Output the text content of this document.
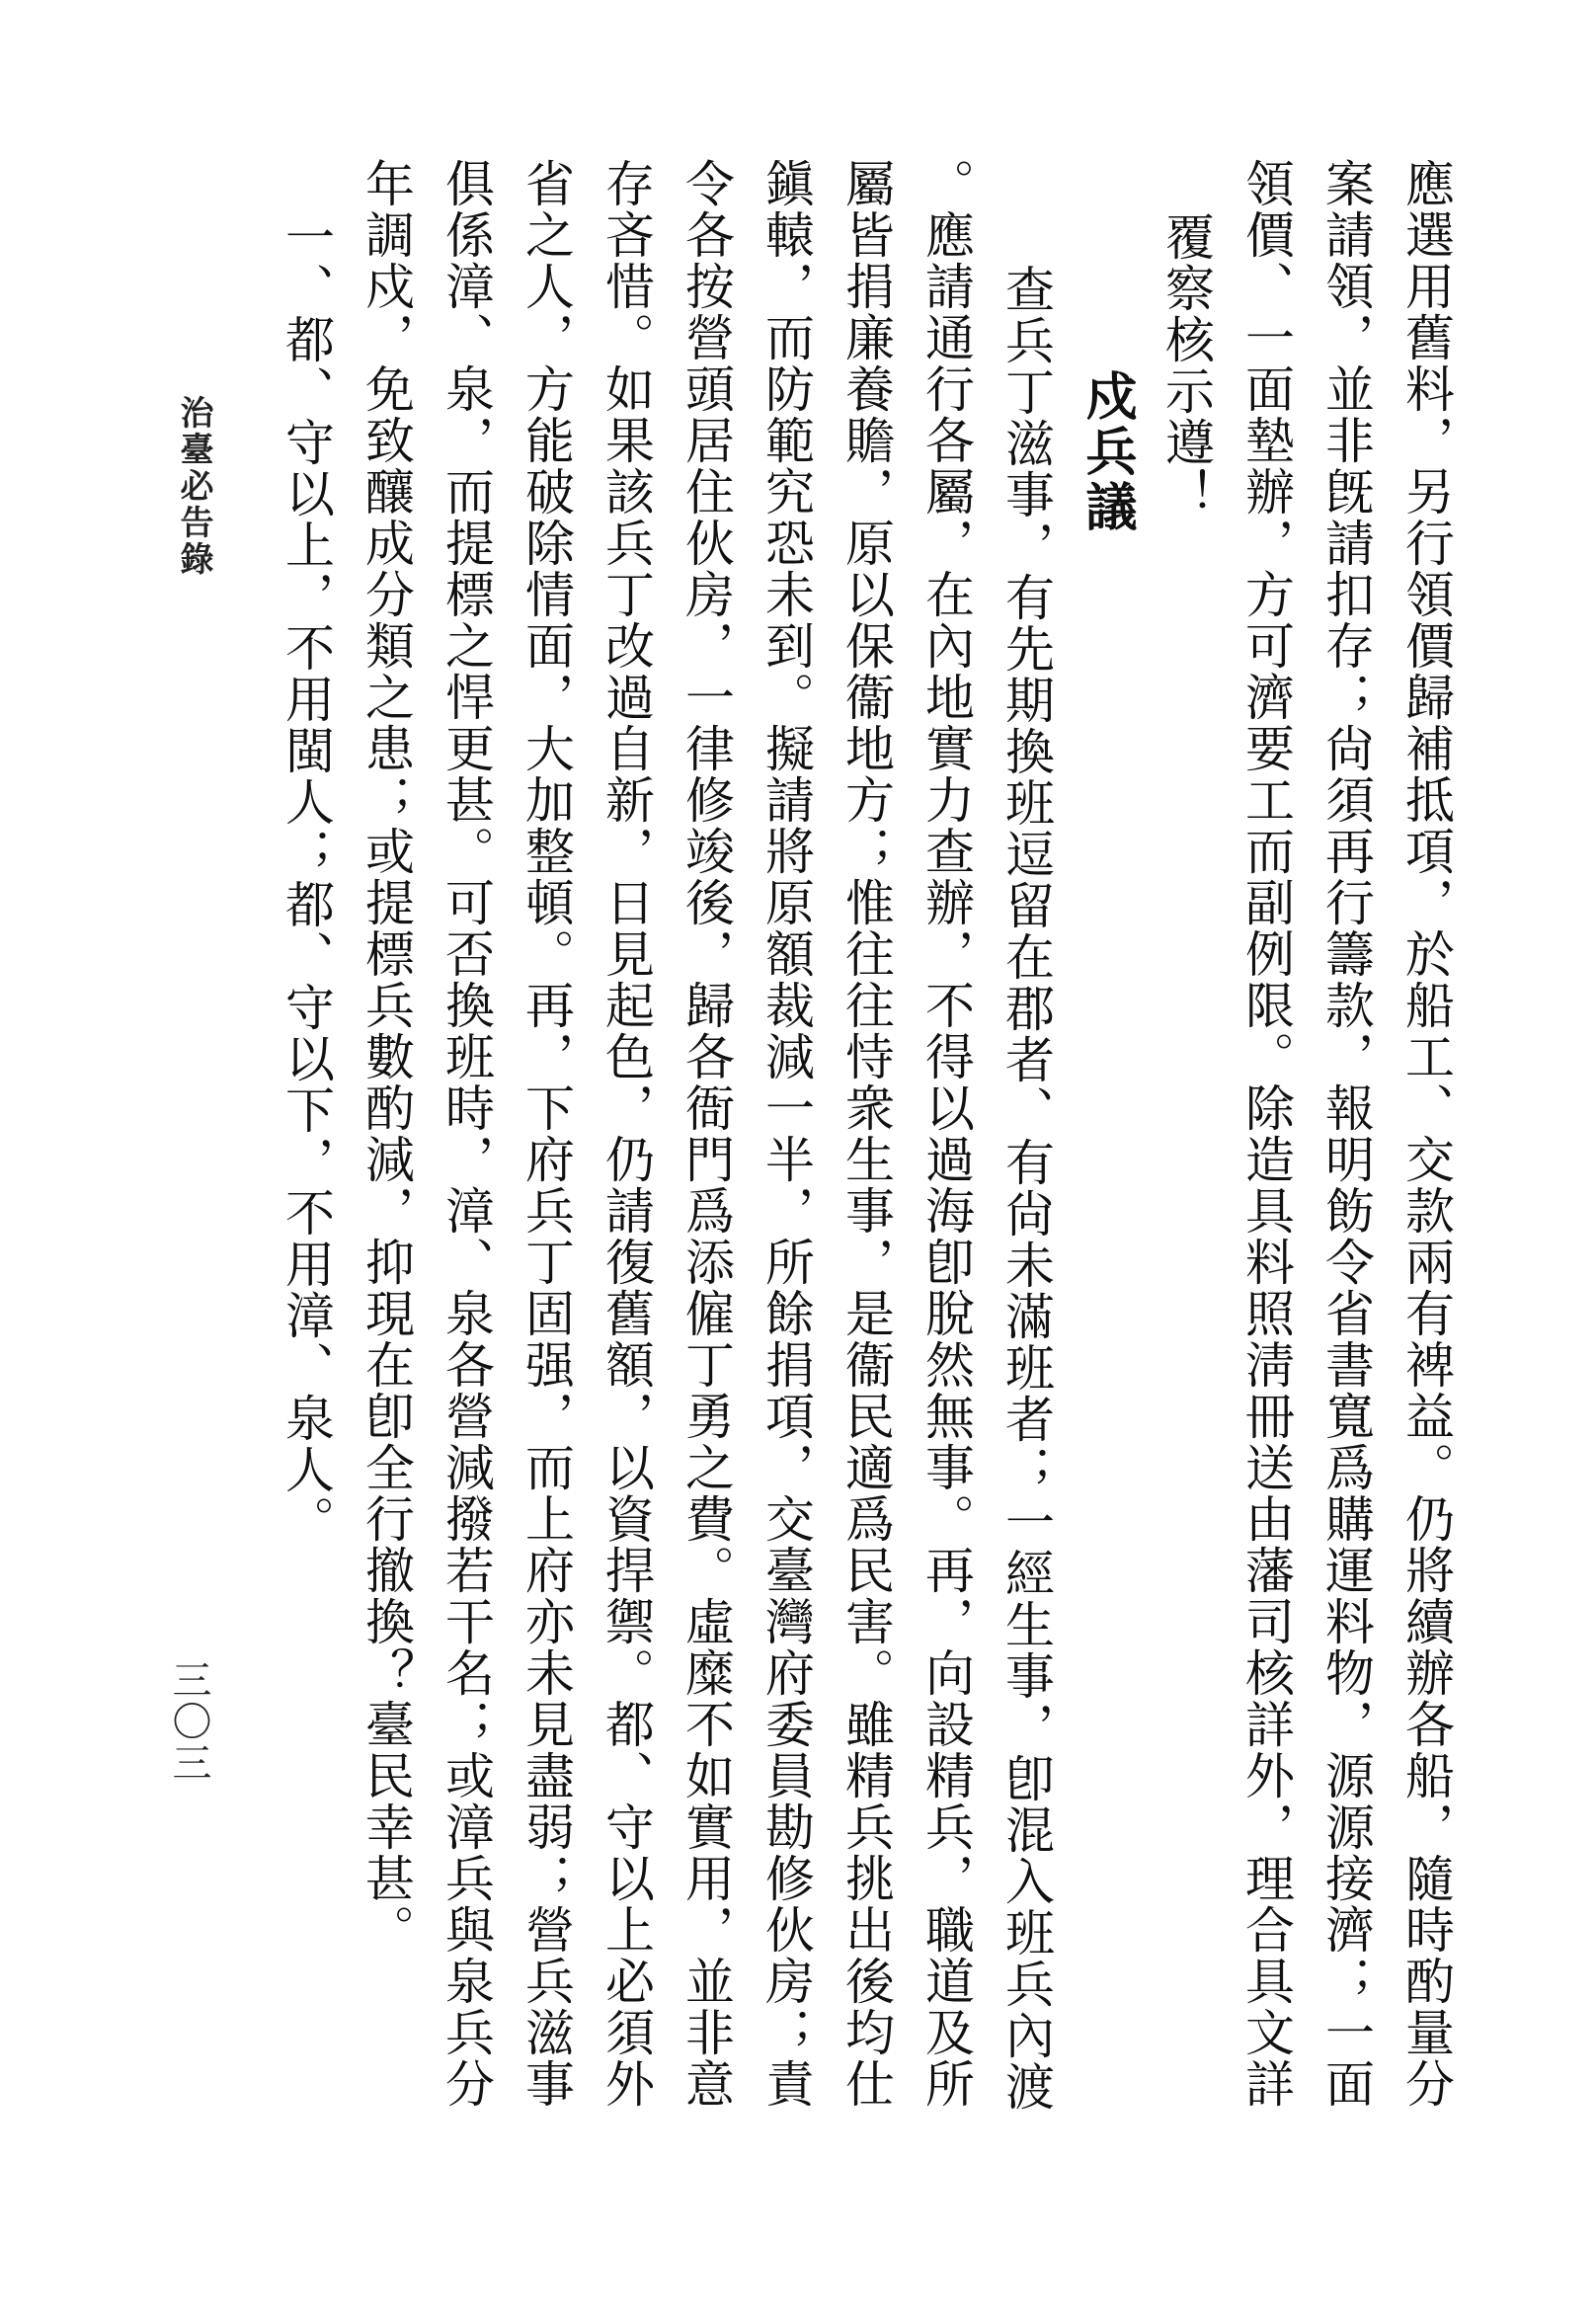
應選用舊料，另行領價歸補抵項，於船工、交款兩有裨益。仍將續辦各船，隨時酌量分
案請領，並非旣請扣存；尙須再行籌款，報明飭令省書寬爲購運料物，源源接濟；一面
領價、一面墊辦，方可濟要工而副例限。除造具料照淸冊送由藩司核詳外，理合具文詳
覆察核示遵！
戍兵議
查兵丁滋事，有先期換班逗留在郡者、有尙未滿班者；一經生事，卽混入班兵內渡
。應請通行各屬，在內地實力查辦，不得以過海卽脫然無事。再，向設精兵，職道及所
屬皆捐廉養贍，原以保衞地方；惟往往恃衆生事，是衞民適爲民害。雖精兵挑出後均仕
鎭轅，而防範究恐未到。擬請將原額裁減一半，所餘捐項，交臺灣府委員勘修伙房；責
令各按營頭居住伙房，一律修竣後，歸各衙門爲添僱丁勇之費。虛糜不如實用，並非意
存吝惜。如果該兵丁改過自新，日見起色，仍請復舊額，以資捍禦。都、守以上必須外
省之人，方能破除情面，大加整頓。再，下府兵丁固强，而上府亦未見盡弱；營兵滋事
俱係漳、泉，而提標之悍更甚。可否換班時，漳、泉各營減撥若干名；或漳兵與泉兵分
年調戍，免致釀成分類之患；或提標兵數酌減，抑現在卽全行撤換？臺民幸甚。
一、都、守以上，不用閩人；都、守以下，不用漳、泉人。
治臺必告錄
三〇三
